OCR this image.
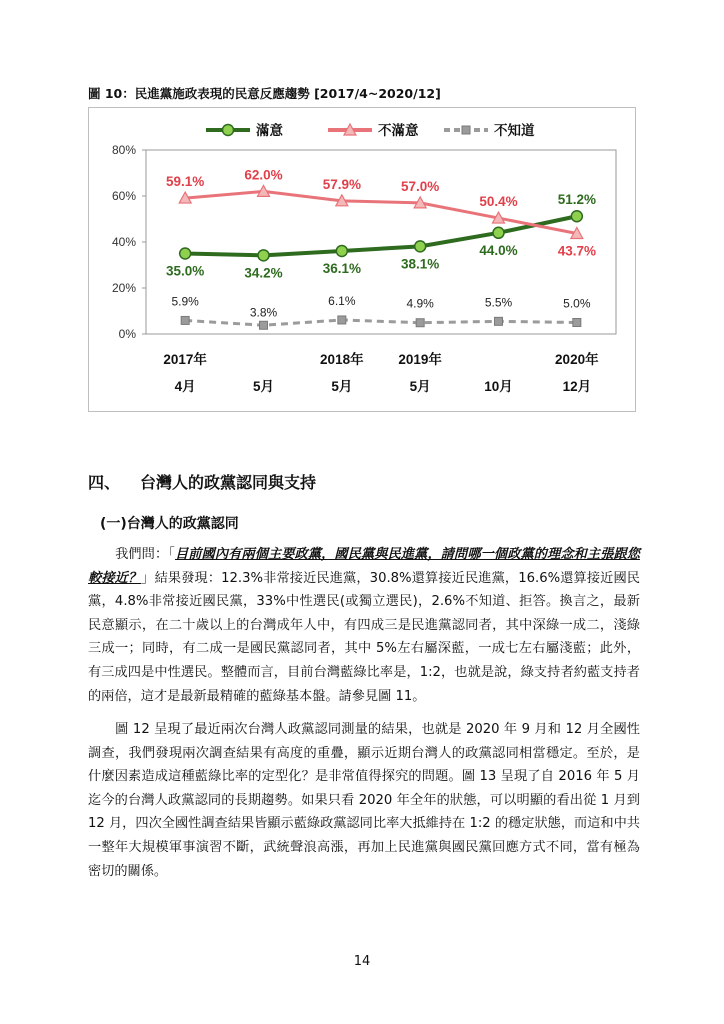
圖 10：民進黨施政表現的民意反應趨勢 [2017/4~2020/12]
滿意	不滿意	不知道
0%
20%
40%
60%
80%
2017年
4月	5月
2018年
5月
2019年
5月	10月
2020年
12月
35.0%	34.2%	36.1%	38.1%
44.0%
51.2%
59.1%	62.0%
57.9%	57.0%
50.4%
43.7%
5.9%
3.8%
6.1%	4.9%	5.5%	5.0%
四、 台灣人的政黨認同與支持
(一)台灣人的政黨認同
我們問：「目前國內有兩個主要政黨，國民黨與民進黨，請問哪一個政黨的理念和主張跟您較接近？」結果發現：12.3%非常接近民進黨，30.8%還算接近民進黨，16.6%還算接近國民黨，4.8%非常接近國民黨，33%中性選民(或獨立選民)，2.6%不知道、拒答。換言之，最新民意顯示，在二十歲以上的台灣成年人中，有四成三是民進黨認同者，其中深綠一成二，淺綠三成一；同時，有二成一是國民黨認同者，其中 5%左右屬深藍，一成七左右屬淺藍；此外，有三成四是中性選民。整體而言，目前台灣藍綠比率是，1:2，也就是說，綠支持者約藍支持者的兩倍，這才是最新最精確的藍綠基本盤。請參見圖 11。
圖 12 呈現了最近兩次台灣人政黨認同測量的結果，也就是 2020 年 9 月和 12 月全國性調查，我們發現兩次調查結果有高度的重疊，顯示近期台灣人的政黨認同相當穩定。至於，是什麼因素造成這種藍綠比率的定型化？是非常值得探究的問題。圖 13 呈現了自 2016 年 5 月迄今的台灣人政黨認同的長期趨勢。如果只看 2020 年全年的狀態，可以明顯的看出從 1 月到 12 月，四次全國性調查結果皆顯示藍綠政黨認同比率大抵維持在 1:2 的穩定狀態，而這和中共一整年大規模軍事演習不斷，武統聲浪高漲，再加上民進黨與國民黨回應方式不同，當有極為密切的關係。
14
